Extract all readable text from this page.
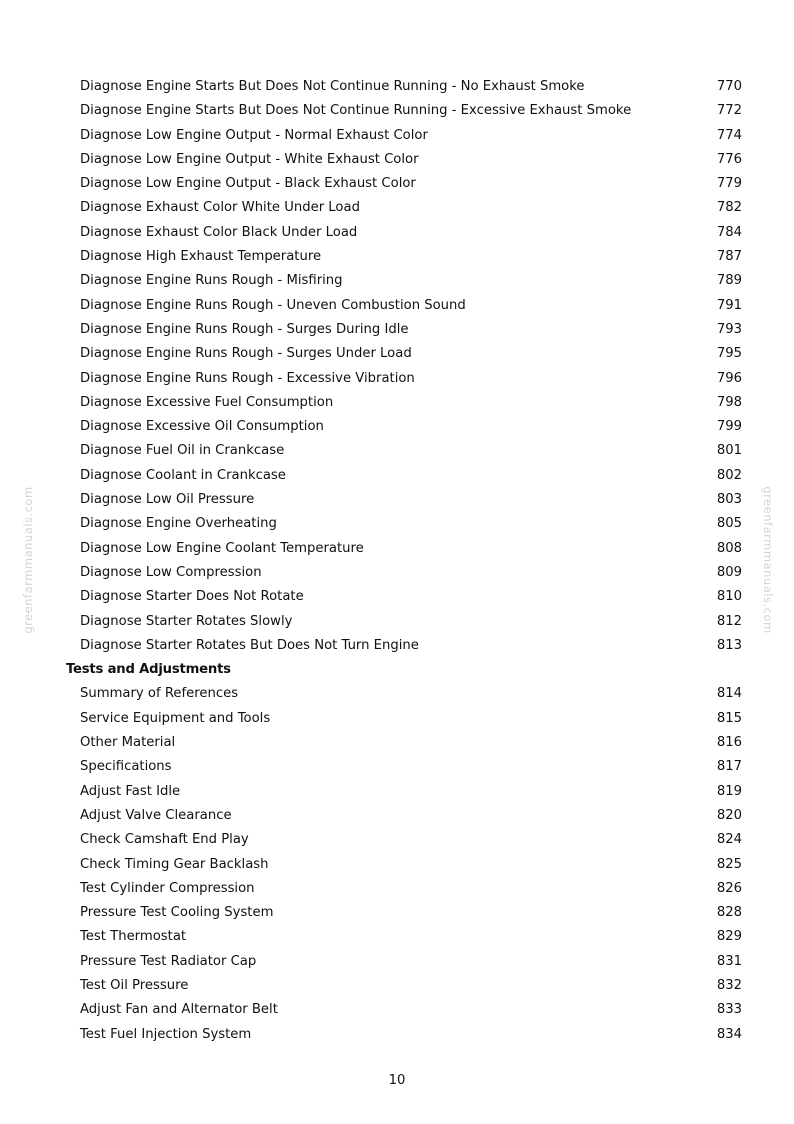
greenfarmmanuals.com	greenfarmmanuals.com
Diagnose Engine Starts But Does Not Continue Running - No Exhaust Smoke	770
Diagnose Engine Starts But Does Not Continue Running - Excessive Exhaust Smoke	772
Diagnose Low Engine Output - Normal Exhaust Color	774
Diagnose Low Engine Output - White Exhaust Color	776
Diagnose Low Engine Output - Black Exhaust Color	779
Diagnose Exhaust Color White Under Load	782
Diagnose Exhaust Color Black Under Load	784
Diagnose High Exhaust Temperature	787
Diagnose Engine Runs Rough - Misfiring	789
Diagnose Engine Runs Rough - Uneven Combustion Sound	791
Diagnose Engine Runs Rough - Surges During Idle	793
Diagnose Engine Runs Rough - Surges Under Load	795
Diagnose Engine Runs Rough - Excessive Vibration	796
Diagnose Excessive Fuel Consumption	798
Diagnose Excessive Oil Consumption	799
Diagnose Fuel Oil in Crankcase	801
Diagnose Coolant in Crankcase	802
Diagnose Low Oil Pressure	803
Diagnose Engine Overheating	805
Diagnose Low Engine Coolant Temperature	808
Diagnose Low Compression	809
Diagnose Starter Does Not Rotate	810
Diagnose Starter Rotates Slowly	812
Diagnose Starter Rotates But Does Not Turn Engine	813
Tests and Adjustments
Summary of References	814
Service Equipment and Tools	815
Other Material	816
Specifications	817
Adjust Fast Idle	819
Adjust Valve Clearance	820
Check Camshaft End Play	824
Check Timing Gear Backlash	825
Test Cylinder Compression	826
Pressure Test Cooling System	828
Test Thermostat	829
Pressure Test Radiator Cap	831
Test Oil Pressure	832
Adjust Fan and Alternator Belt	833
Test Fuel Injection System	834
10
